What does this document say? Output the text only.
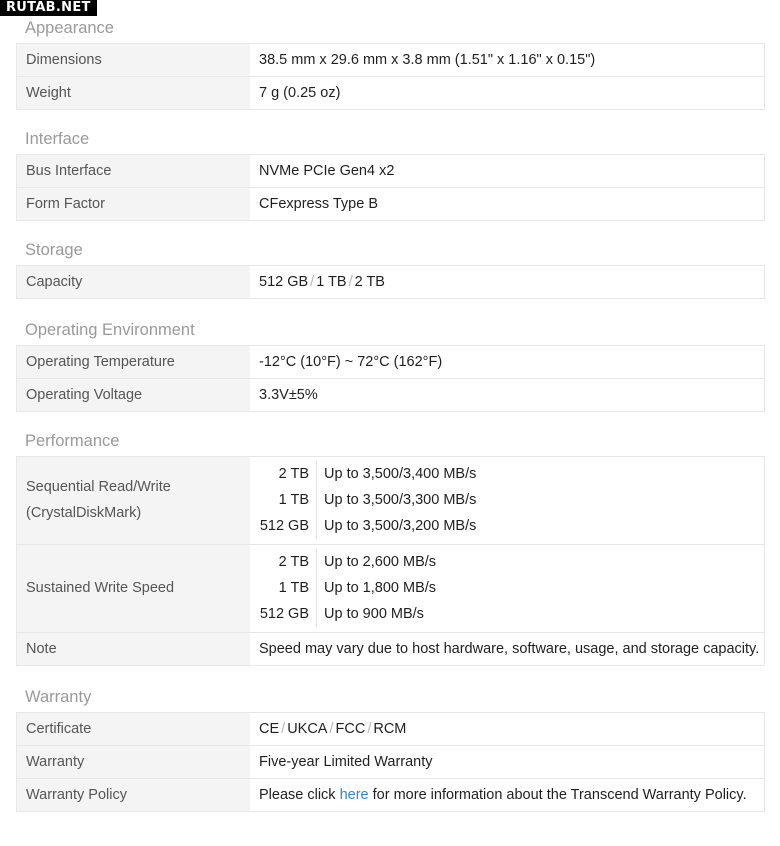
RUTAB.NET
Appearance
Dimensions	38.5 mm x 29.6 mm x 3.8 mm (1.51" x 1.16" x 0.15")
Weight	7 g (0.25 oz)
Interface
Bus Interface	NVMe PCIe Gen4 x2
Form Factor	CFexpress Type B
Storage
Capacity	512 GB / 1 TB / 2 TB
Operating Environment
Operating Temperature	-12°C (10°F) ~ 72°C (162°F)
Operating Voltage	3.3V±5%
Performance
Sequential Read/Write
(CrystalDiskMark)

2 TB	Up to 3,500/3,400 MB/s
1 TB	Up to 3,500/3,300 MB/s
512 GB	Up to 3,500/3,200 MB/s

Sustained Write Speed	
2 TB	Up to 2,600 MB/s
1 TB	Up to 1,800 MB/s
512 GB	Up to 900 MB/s

Note	Speed may vary due to host hardware, software, usage, and storage capacity.
Warranty
Certificate	CE / UKCA / FCC / RCM
Warranty	Five-year Limited Warranty
Warranty Policy	Please click here for more information about the Transcend Warranty Policy.
